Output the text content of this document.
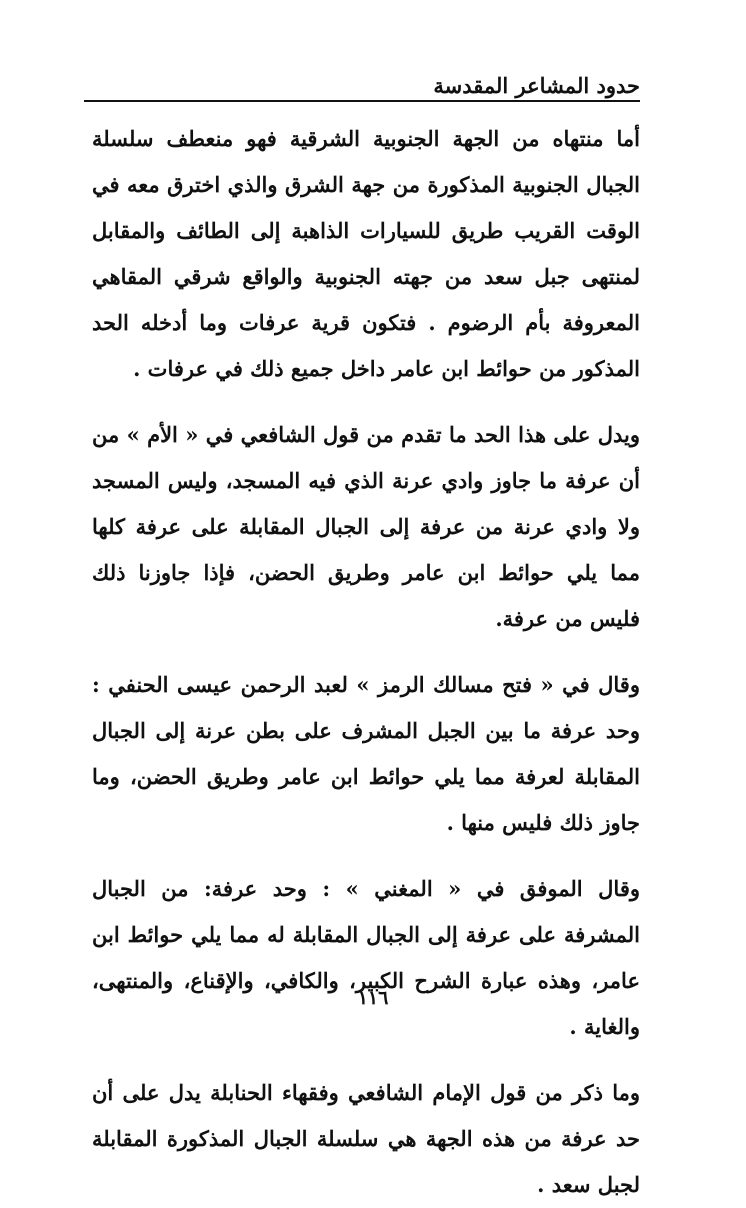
حدود المشاعر المقدسة

أما منتهاه من الجهة الجنوبية الشرقية فهو منعطف سلسلة الجبال الجنوبية المذكورة من جهة الشرق والذي اخترق معه في الوقت القريب طريق للسيارات الذاهبة إلى الطائف والمقابل لمنتهى جبل سعد من جهته الجنوبية والواقع شرقي المقاهي المعروفة بأم الرضوم . فتكون قرية عرفات وما أدخله الحد المذكور من حوائط ابن عامر داخل جميع ذلك في عرفات .

ويدل على هذا الحد ما تقدم من قول الشافعي في « الأم » من أن عرفة ما جاوز وادي عرنة الذي فيه المسجد، وليس المسجد ولا وادي عرنة من عرفة إلى الجبال المقابلة على عرفة كلها مما يلي حوائط ابن عامر وطريق الحضن، فإذا جاوزنا ذلك فليس من عرفة.

وقال في « فتح مسالك الرمز » لعبد الرحمن عيسى الحنفي : وحد عرفة ما بين الجبل المشرف على بطن عرنة إلى الجبال المقابلة لعرفة مما يلي حوائط ابن عامر وطريق الحضن، وما جاوز ذلك فليس منها .

وقال الموفق في « المغني » : وحد عرفة: من الجبال المشرفة على عرفة إلى الجبال المقابلة له مما يلي حوائط ابن عامر، وهذه عبارة الشرح الكبير، والكافي، والإقناع، والمنتهى، والغاية .

وما ذكر من قول الإمام الشافعي وفقهاء الحنابلة يدل على أن حد عرفة من هذه الجهة هي سلسلة الجبال المذكورة المقابلة لجبل سعد .

١١٦
